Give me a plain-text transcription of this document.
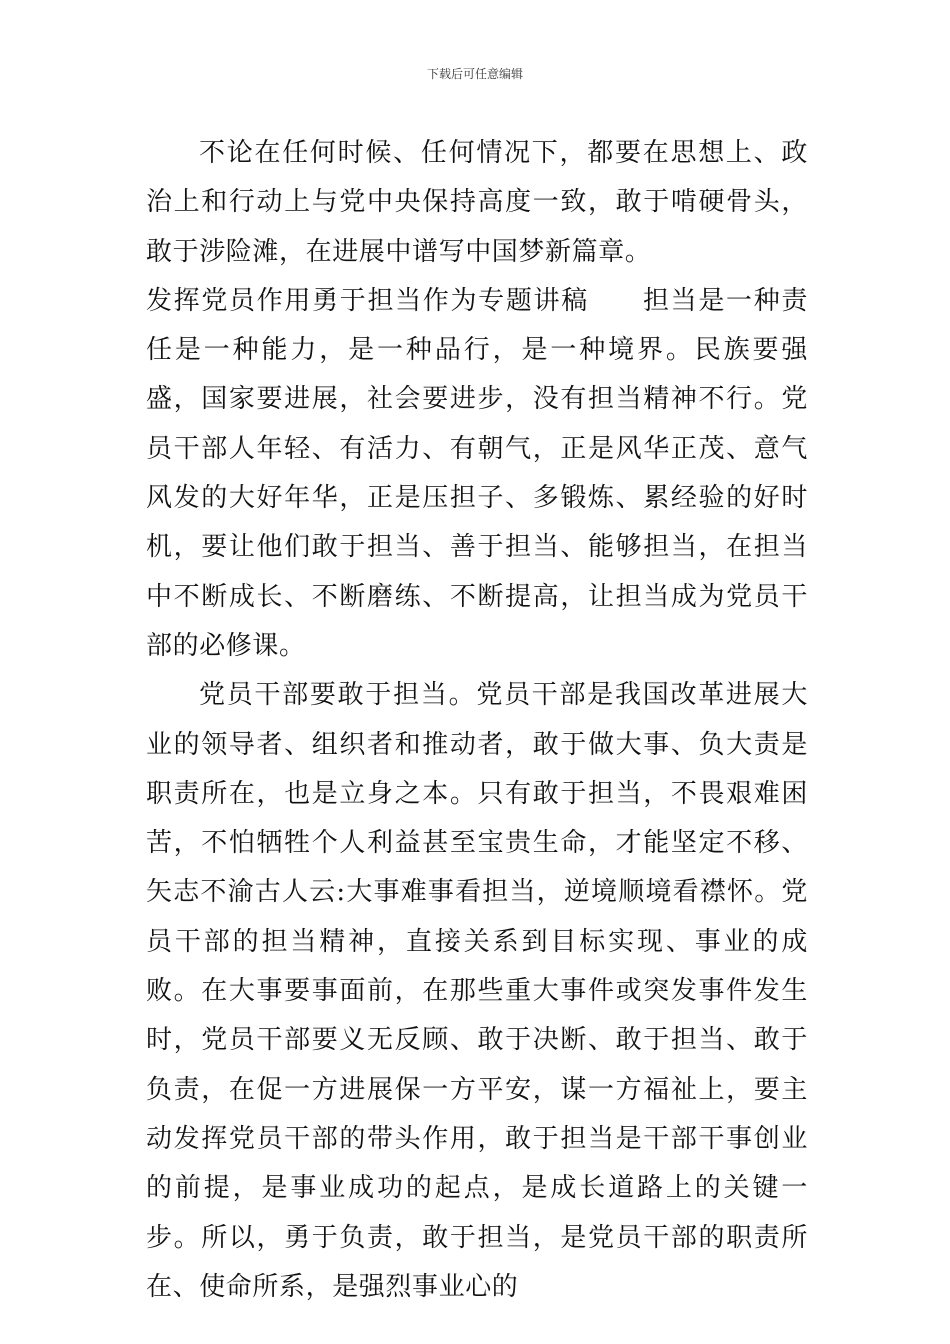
下载后可任意编辑

不论在任何时候、任何情况下，都要在思想上、政治上和行动上与党中央保持高度一致，敢于啃硬骨头，敢于涉险滩，在进展中谱写中国梦新篇章。

发挥党员作用勇于担当作为专题讲稿 担当是一种责任是一种能力，是一种品行，是一种境界。民族要强盛，国家要进展，社会要进步，没有担当精神不行。党员干部人年轻、有活力、有朝气，正是风华正茂、意气风发的大好年华，正是压担子、多锻炼、累经验的好时机，要让他们敢于担当、善于担当、能够担当，在担当中不断成长、不断磨练、不断提高，让担当成为党员干部的必修课。

党员干部要敢于担当。党员干部是我国改革进展大业的领导者、组织者和推动者，敢于做大事、负大责是职责所在，也是立身之本。只有敢于担当，不畏艰难困苦，不怕牺牲个人利益甚至宝贵生命，才能坚定不移、矢志不渝古人云:大事难事看担当，逆境顺境看襟怀。党员干部的担当精神，直接关系到目标实现、事业的成败。在大事要事面前，在那些重大事件或突发事件发生时，党员干部要义无反顾、敢于决断、敢于担当、敢于负责，在促一方进展保一方平安，谋一方福祉上，要主动发挥党员干部的带头作用，敢于担当是干部干事创业的前提，是事业成功的起点，是成长道路上的关键一步。所以，勇于负责，敢于担当，是党员干部的职责所在、使命所系，是强烈事业心的
